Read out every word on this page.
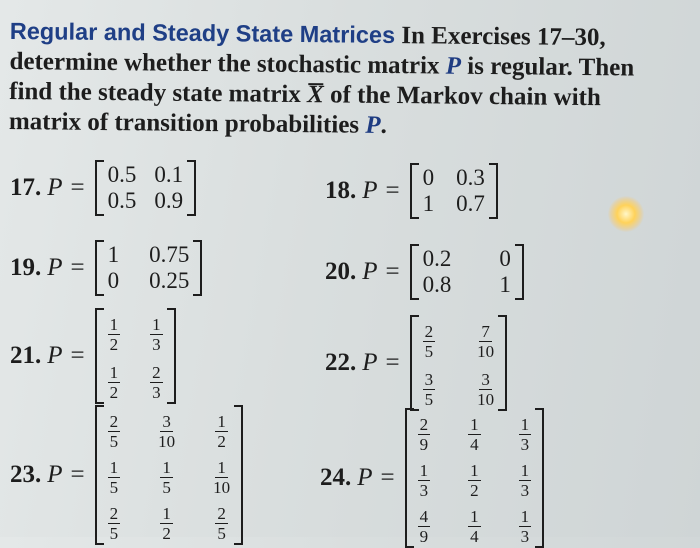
Regular and Steady State Matrices In Exercises 17–30, determine whether the stochastic matrix P is regular. Then find the steady state matrix X of the Markov chain with matrix of transition probabilities P.
17. P = 0.5 0.1
0.5 0.9	18. P = 0 0.3
1 0.7
19. P = 1 0.75
0 0.25	20. P = 0.2 0
0.8 1
21. P =
$\frac{1}{2} \frac{1}{3}$
$\frac{1}{2} \frac{2}{3}$
22. P =
$\frac{2}{5} \frac{7}{10}$
$\frac{3}{5} \frac{3}{10}$
23. P =
$\frac{2}{5} \frac{3}{10} \frac{1}{2}$
$\frac{1}{5} \frac{1}{5} \frac{1}{10}$
$\frac{2}{5} \frac{1}{2}$	$\frac{2}{5}$
24. P =
$\frac{2}{9} \frac{1}{4} \frac{1}{3}$
$\frac{1}{3} \frac{1}{2} \frac{1}{3}$
$\frac{4}{9} \frac{1}{4} \frac{1}{3}$
